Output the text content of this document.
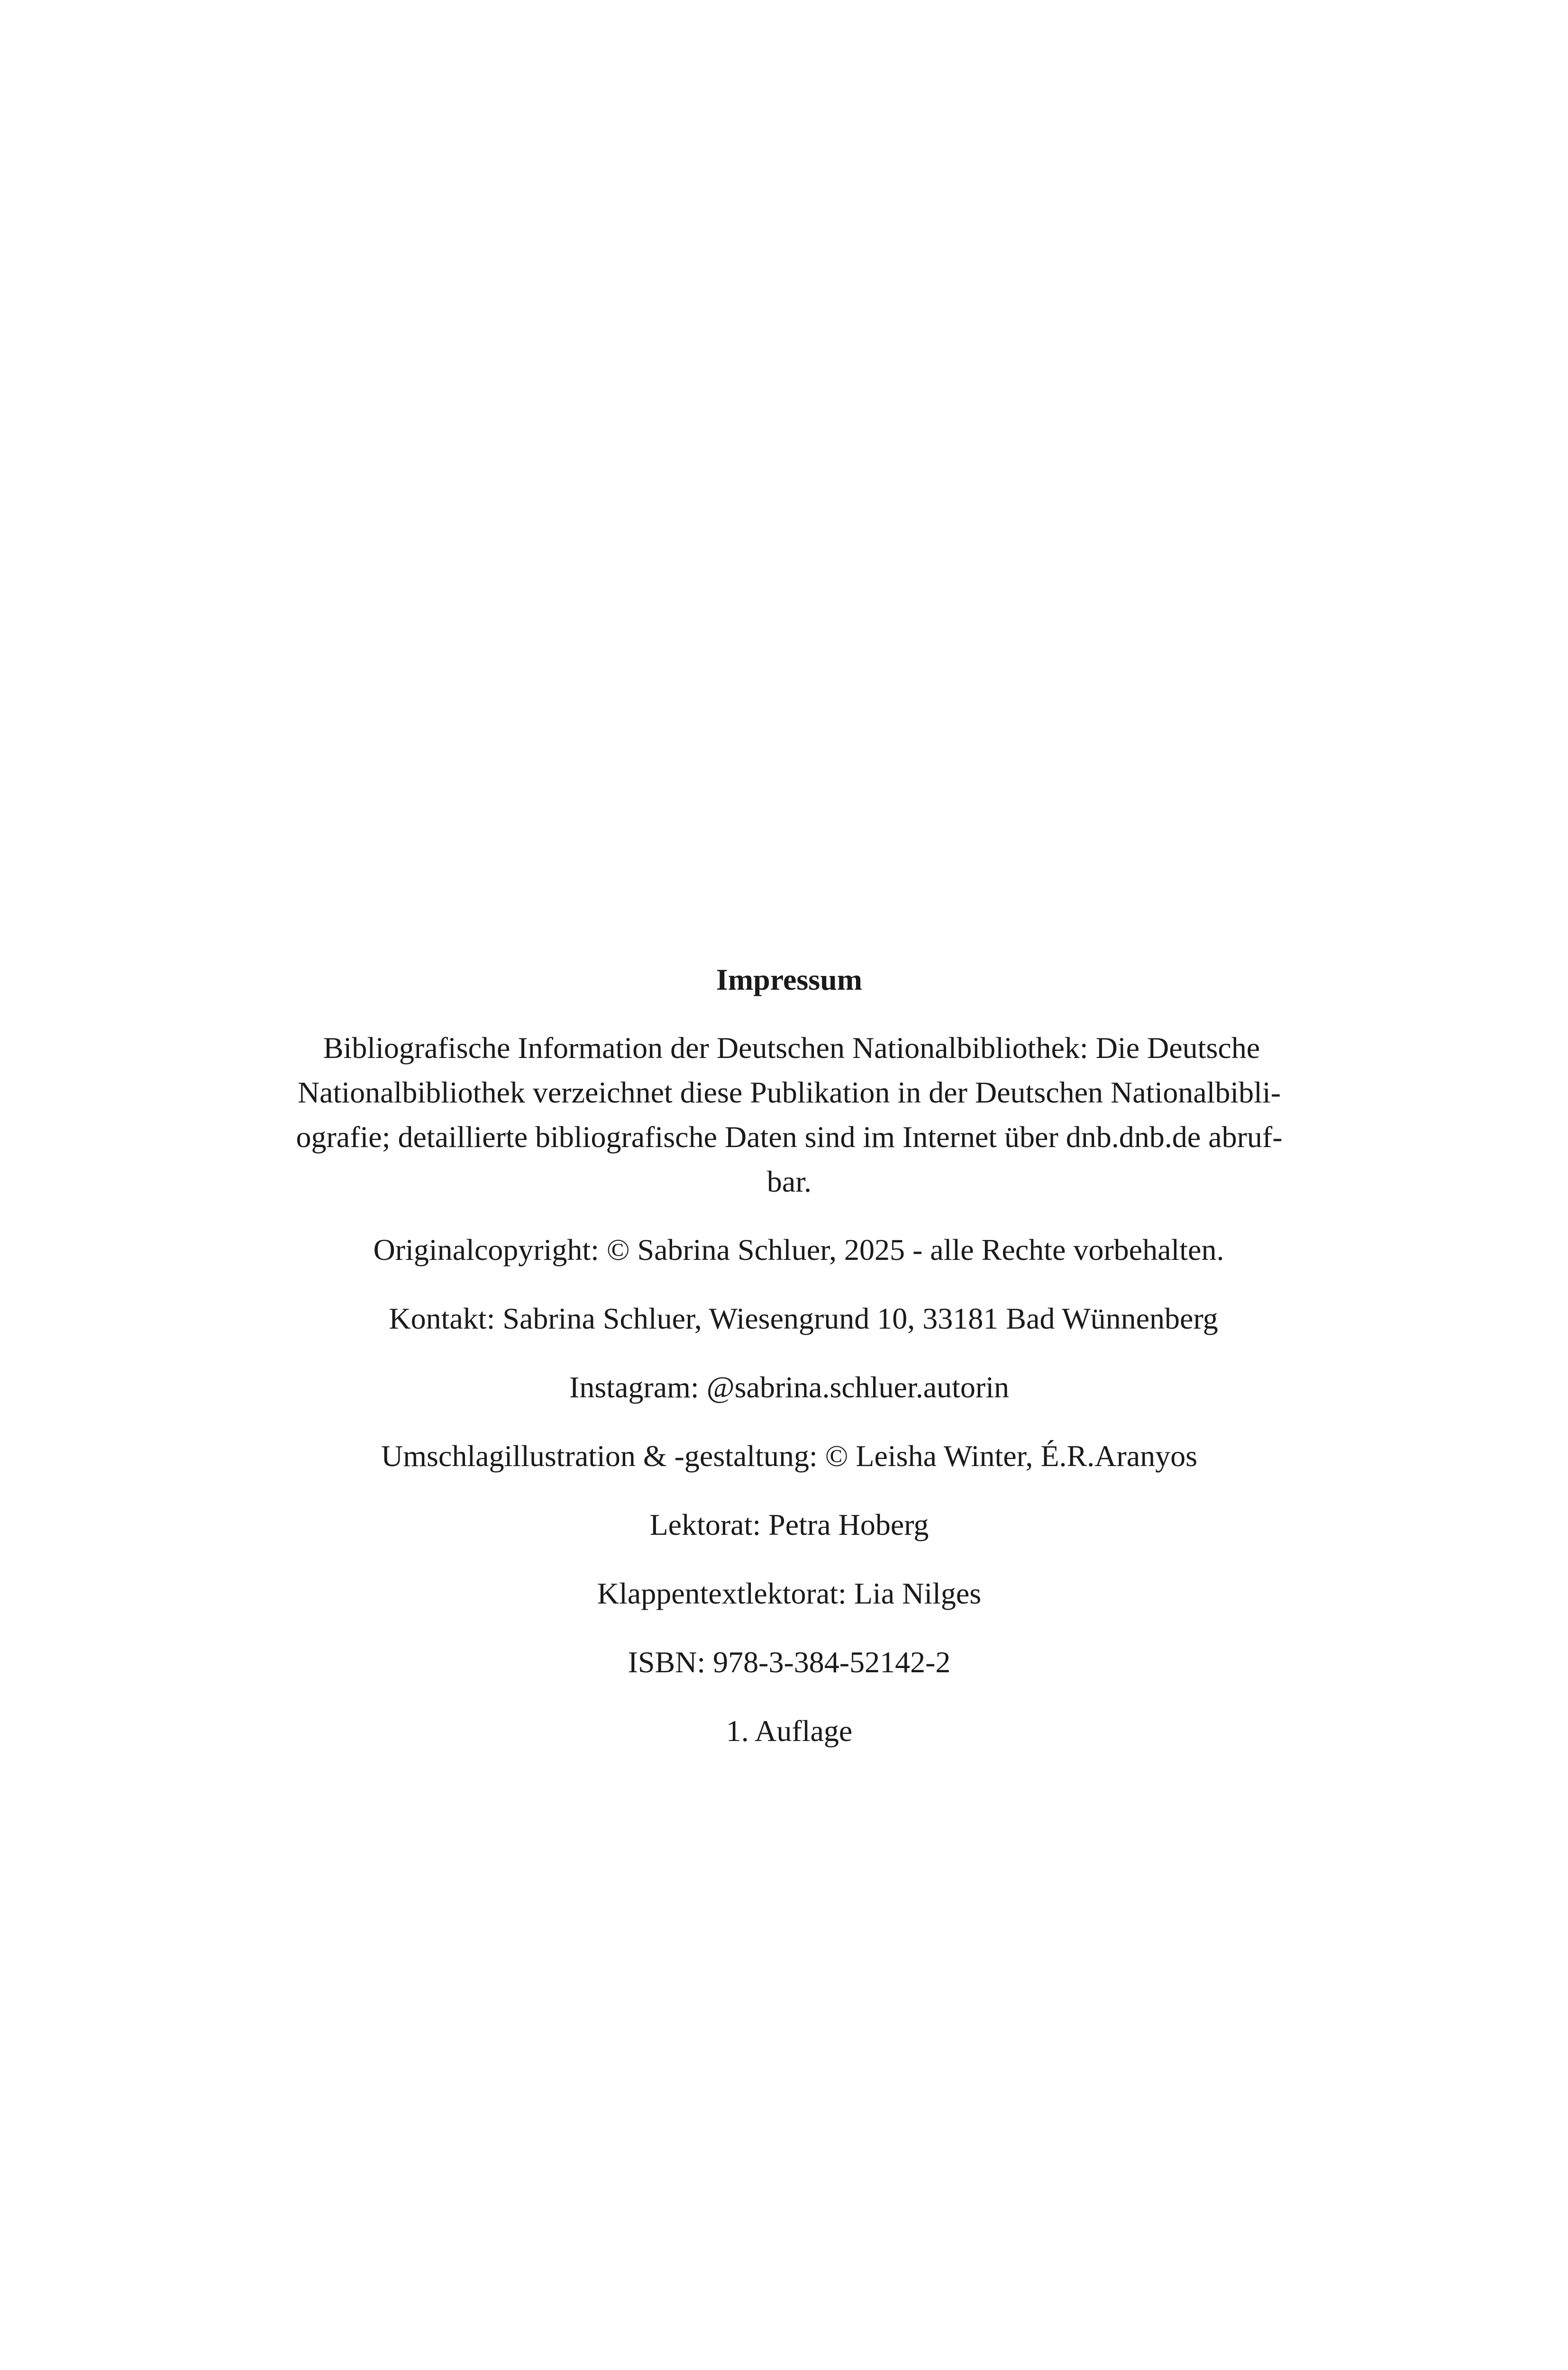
Impressum
Bibliografische Information der Deutschen Nationalbibliothek: Die Deutsche
Nationalbibliothek verzeichnet diese Publikation in der Deutschen Nationalbibli-
ografie; detaillierte bibliografische Daten sind im Internet über dnb.dnb.de abruf-
bar.
Originalcopyright: © Sabrina Schluer, 2025 - alle Rechte vorbehalten.
Kontakt: Sabrina Schluer, Wiesengrund 10, 33181 Bad Wünnenberg
Instagram: @sabrina.schluer.autorin
Umschlagillustration & -gestaltung: © Leisha Winter, É.R.Aranyos
Lektorat: Petra Hoberg
Klappentextlektorat: Lia Nilges
ISBN: 978-3-384-52142-2
1. Auflage
